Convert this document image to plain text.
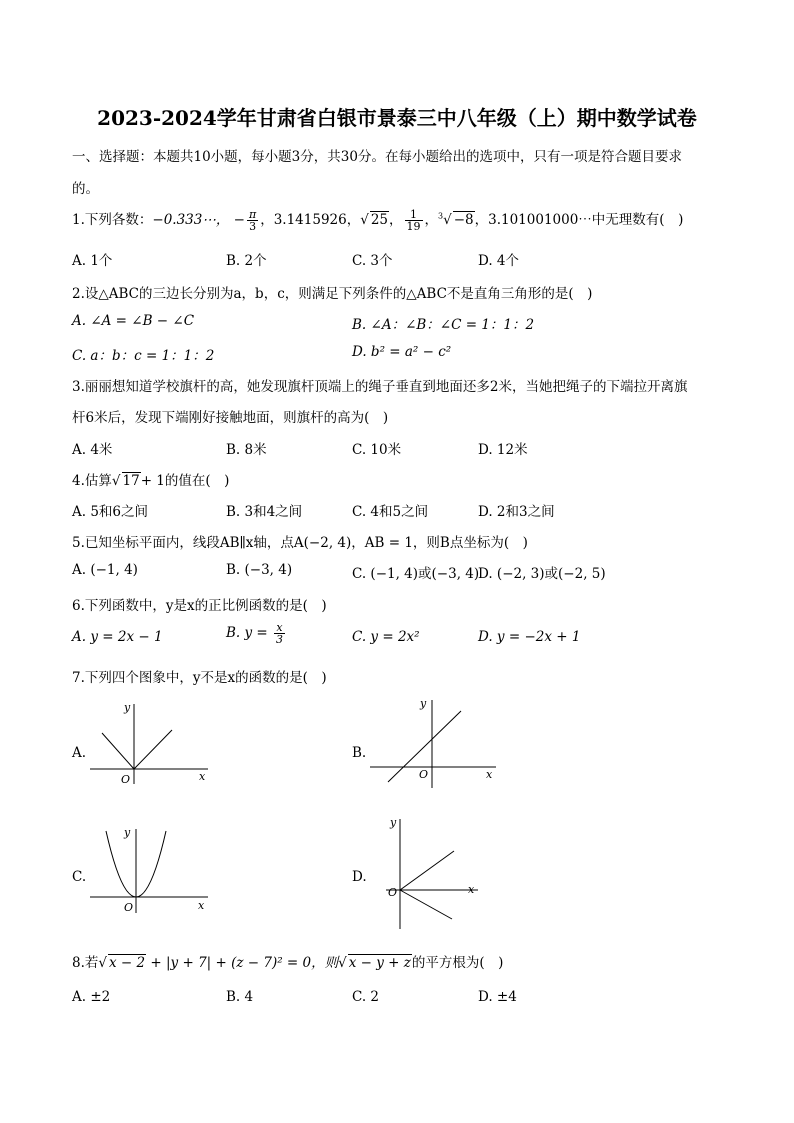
2023-2024学年甘肃省白银市景泰三中八年级（上）期中数学试卷
一、选择题：本题共10小题，每小题3分，共30分。在每小题给出的选项中，只有一项是符合题目要求
的。
1.下列各数：−0.333⋯， − $\frac{\pi}{3}$ ，3.1415926，√ 25， $\frac{1}{19}$ ，$^3$√ −8，3.101001000⋯中无理数有(　)
A. 1个	B. 2个	C. 3个	D. 4个
2.设△ABC的三边长分别为a，b，c，则满足下列条件的△ABC不是直角三角形的是(　)
A. ∠A = ∠B − ∠C	B. ∠A：∠B：∠C = 1：1：2
C. a：b：c = 1：1：2	D. b² = a² − c²
3.丽丽想知道学校旗杆的高，她发现旗杆顶端上的绳子垂直到地面还多2米，当她把绳子的下端拉开离旗
杆6米后，发现下端刚好接触地面，则旗杆的高为(　)
A. 4米	B. 8米	C. 10米	D. 12米
4.估算√ 17+ 1的值在(　)
A. 5和6之间	B. 3和4之间	C. 4和5之间	D. 2和3之间
5.已知坐标平面内，线段AB∥x轴，点A(−2, 4)，AB = 1，则B点坐标为(　)
A. (−1, 4)	B. (−3, 4)	C. (−1, 4)或(−3, 4)
D. (−2, 3)或(−2, 5)
6.下列函数中，y是x的正比例函数的是(　)
A. y = 2x − 1	B. $y = \frac{x}{3}$	C. y = 2x²	D. y = −2x + 1
7.下列四个图象中，y不是x的函数的是(　)
A.
y
x
O
B.
y
x
O
C.
y
x
O
D.
y
x
O
8.若√ x − 2 + |y + 7| + (z − 7)² = 0，则√ x − y + z的平方根为(　)
A. ±2	B. 4	C. 2	D. ±4
